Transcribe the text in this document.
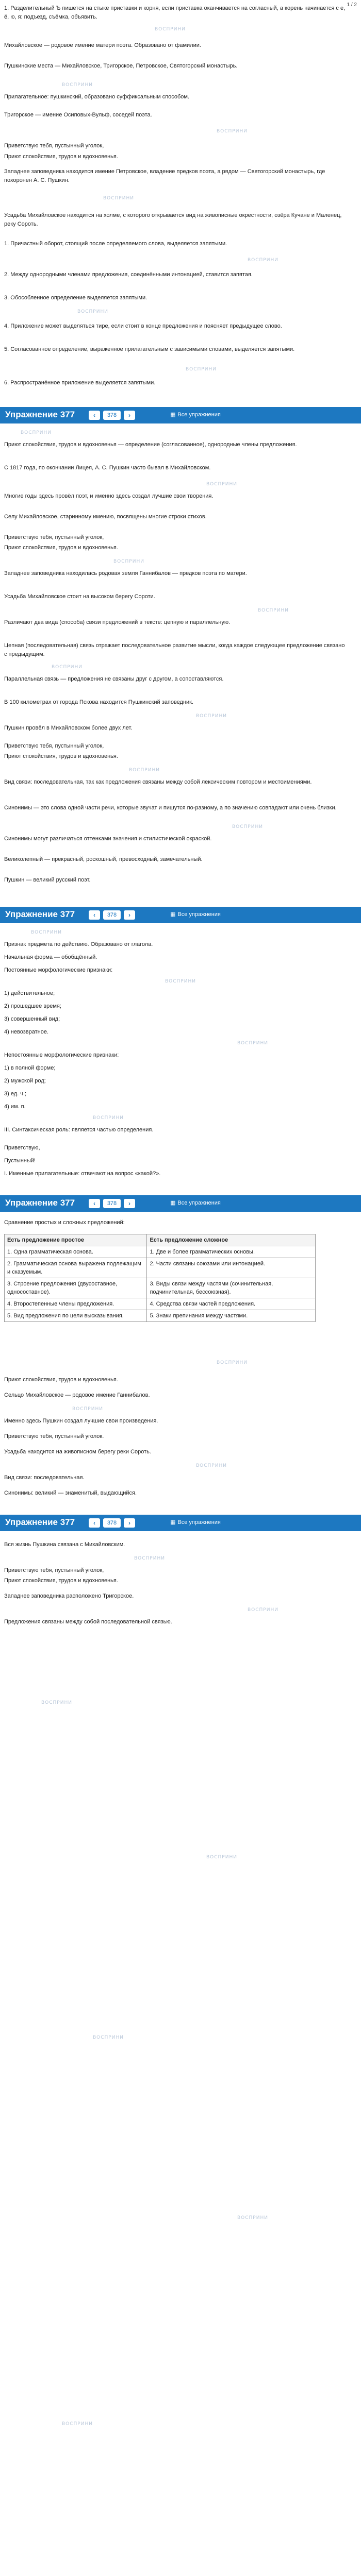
1 / 2

1. Разделительный Ъ пишется на стыке приставки и корня, если приставка оканчивается на согласный, а корень начинается с е, ё, ю, я: подъезд, съёмка, объявить.

ВОСПРИНИ

Михайловское — родовое имение матери поэта. Образовано от фамилии.

Пушкинские места — Михайловское, Тригорское, Петровское, Святогорский монастырь.

ВОСПРИНИ

Прилагательное: пушкинский, образовано суффиксальным способом.

Тригорское — имение Осиповых-Вульф, соседей поэта.

ВОСПРИНИ

Приветствую тебя, пустынный уголок,

Приют спокойствия, трудов и вдохновенья.

Западнее заповедника находится имение Петровское, владение предков поэта, а рядом — Святогорский монастырь, где похоронен А. С. Пушкин.

ВОСПРИНИ

Усадьба Михайловское находится на холме, с которого открывается вид на живописные окрестности, озёра Кучане и Маленец, реку Сороть.

1. Причастный оборот, стоящий после определяемого слова, выделяется запятыми.

ВОСПРИНИ

2. Между однородными членами предложения, соединёнными интонацией, ставится запятая.

3. Обособленное определение выделяется запятыми.

ВОСПРИНИ

4. Приложение может выделяться тире, если стоит в конце предложения и поясняет предыдущее слово.

5. Согласованное определение, выраженное прилагательным с зависимыми словами, выделяется запятыми.

ВОСПРИНИ

6. Распространённое приложение выделяется запятыми.

Упражнение 377	‹	378	›	▦ Все упражнения
ВОСПРИНИ

Приют спокойствия, трудов и вдохновенья — определение (согласованное), однородные члены предложения.

С 1817 года, по окончании Лицея, А. С. Пушкин часто бывал в Михайловском.

ВОСПРИНИ

Многие годы здесь провёл поэт, и именно здесь создал лучшие свои творения.

Селу Михайловское, старинному имению, посвящены многие строки стихов.

Приветствую тебя, пустынный уголок,

Приют спокойствия, трудов и вдохновенья.

ВОСПРИНИ

Западнее заповедника находилась родовая земля Ганнибалов — предков поэта по матери.

Усадьба Михайловское стоит на высоком берегу Сороти.

ВОСПРИНИ

Различают два вида (способа) связи предложений в тексте: цепную и параллельную.

Цепная (последовательная) связь отражает последовательное развитие мысли, когда каждое следующее предложение связано с предыдущим.

ВОСПРИНИ

Параллельная связь — предложения не связаны друг с другом, а сопоставляются.

В 100 километрах от города Пскова находится Пушкинский заповедник.

ВОСПРИНИ

Пушкин провёл в Михайловском более двух лет.

Приветствую тебя, пустынный уголок,

Приют спокойствия, трудов и вдохновенья.

ВОСПРИНИ

Вид связи: последовательная, так как предложения связаны между собой лексическим повтором и местоимениями.

Синонимы — это слова одной части речи, которые звучат и пишутся по-разному, а по значению совпадают или очень близки.

ВОСПРИНИ

Синонимы могут различаться оттенками значения и стилистической окраской.

Великолепный — прекрасный, роскошный, превосходный, замечательный.

Пушкин — великий русский поэт.

Упражнение 377	‹	378	›	▦ Все упражнения
ВОСПРИНИ

Признак предмета по действию. Образовано от глагола.

Начальная форма — обобщённый.

Постоянные морфологические признаки:

ВОСПРИНИ

1) действительное;

2) прошедшее время;

3) совершенный вид;

4) невозвратное.

ВОСПРИНИ

Непостоянные морфологические признаки:

1) в полной форме;

2) мужской род;

3) ед. ч.;

4) им. п.

ВОСПРИНИ

III. Синтаксическая роль: является частью определения.

Приветствую,

Пустынный!

I. Именные прилагательные: отвечают на вопрос «какой?».

Упражнение 377	‹	378	›	▦ Все упражнения

Сравнение простых и сложных предложений:

Есть предложение простое	Есть предложение сложное
1. Одна грамматическая основа.	1. Две и более грамматических основы.
2. Грамматическая основа выражена подлежащим и сказуемым.	2. Части связаны союзами или интонацией.
3. Строение предложения (двусоставное, односоставное).	3. Виды связи между частями (сочинительная, подчинительная, бессоюзная).
4. Второстепенные члены предложения.	4. Средства связи частей предложения.
5. Вид предложения по цели высказывания.	5. Знаки препинания между частями.
ВОСПРИНИ

Приют спокойствия, трудов и вдохновенья.

Сельцо Михайловское — родовое имение Ганнибалов.

ВОСПРИНИ

Именно здесь Пушкин создал лучшие свои произведения.

Приветствую тебя, пустынный уголок.

Усадьба находится на живописном берегу реки Сороть.

ВОСПРИНИ

Вид связи: последовательная.

Синонимы: великий — знаменитый, выдающийся.

Упражнение 377	‹	378	›	▦ Все упражнения

Вся жизнь Пушкина связана с Михайловским.

ВОСПРИНИ

Приветствую тебя, пустынный уголок,

Приют спокойствия, трудов и вдохновенья.

Западнее заповедника расположено Тригорское.

ВОСПРИНИ

Предложения связаны между собой последовательной связью.

ВОСПРИНИ
ВОСПРИНИ
ВОСПРИНИ
ВОСПРИНИ
ВОСПРИНИ
